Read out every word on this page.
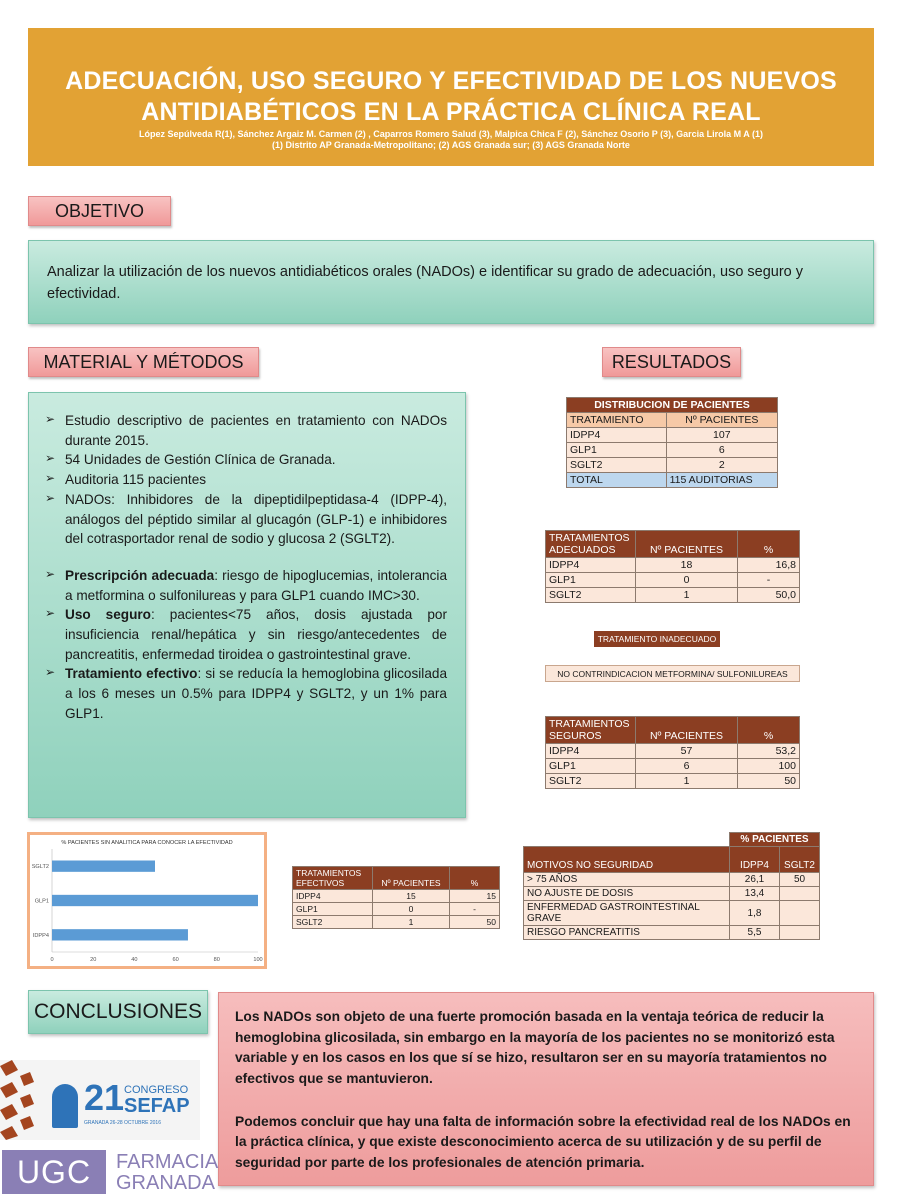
ADECUACIÓN, USO SEGURO Y EFECTIVIDAD DE LOS NUEVOS
ANTIDIABÉTICOS EN LA PRÁCTICA CLÍNICA REAL
López Sepúlveda R(1), Sánchez Argaiz M. Carmen (2) , Caparros Romero Salud (3), Malpica Chica F (2), Sánchez Osorio P (3), Garcia Lirola M A (1)
(1) Distrito AP Granada-Metropolitano; (2) AGS Granada sur; (3) AGS Granada Norte
OBJETIVO
Analizar la utilización de los nuevos antidiabéticos orales (NADOs) e identificar su grado de adecuación, uso seguro y efectividad.
MATERIAL Y MÉTODOS
➢ Estudio descriptivo de pacientes en tratamiento con NADOs durante 2015.
➢ 54 Unidades de Gestión Clínica de Granada.
➢ Auditoria 115 pacientes
➢ NADOs: Inhibidores de la dipeptidilpeptidasa-4 (IDPP-4), análogos del péptido similar al glucagón (GLP-1) e inhibidores del cotrasportador renal de sodio y glucosa 2 (SGLT2).
➢ Prescripción adecuada: riesgo de hipoglucemias, intolerancia a metformina o sulfonilureas y para GLP1 cuando IMC>30.
➢ Uso seguro: pacientes<75 años, dosis ajustada por insuficiencia renal/hepática y sin riesgo/antecedentes de pancreatitis, enfermedad tiroidea o gastrointestinal grave.
➢ Tratamiento efectivo: si se reducía la hemoglobina glicosilada a los 6 meses un 0.5% para IDPP4 y SGLT2, y un 1% para GLP1.
RESULTADOS
DISTRIBUCION DE PACIENTES	
TRATAMIENTO	Nº PACIENTES
IDPP4	107
GLP1	6
SGLT2	2
TOTAL	115 AUDITORIAS
TRATAMIENTOS
ADECUADOS	Nº PACIENTES	%
IDPP4	18	16,8
GLP1	0	-
SGLT2	1	50,0
TRATAMIENTO INADECUADO
NO CONTRINDICACION METFORMINA/ SULFONILUREAS
TRATAMIENTOS
SEGUROS	Nº PACIENTES	%
IDPP4	57	53,2
GLP1	6	100
SGLT2	1	50
% PACIENTES SIN ANALITICA PARA CONOCER LA EFECTIVIDAD
0	20	40	60	80	100
SGLT2
GLP1
IDPP4
TRATAMIENTOS
EFECTIVOS	Nº PACIENTES	%
IDPP4	15	15
GLP1	0	-
SGLT2	1	50
	% PACIENTES	
MOTIVOS NO SEGURIDAD	IDPP4	SGLT2
> 75 AÑOS	26,1	50
NO AJUSTE DE DOSIS	13,4	
ENFERMEDAD GASTROINTESTINAL GRAVE	1,8	
RIESGO PANCREATITIS	5,5	
CONCLUSIONES	Los NADOs son objeto de una fuerte promoción basada en la ventaja teórica de reducir la hemoglobina glicosilada, sin embargo en la mayoría de los pacientes no se monitorizó esta variable y en los casos en los que sí se hizo, resultaron ser en su mayoría tratamientos no efectivos que se mantuvieron.

Podemos concluir que hay una falta de información sobre la efectividad real de los NADOs en la práctica clínica, y que existe desconocimiento acerca de su utilización y de su perfil de seguridad por parte de los profesionales de atención primaria.

21 CONGRESO
SEFAP
GRANADA 26-28 OCTUBRE 2016
UGC	FARMACIA
GRANADA
